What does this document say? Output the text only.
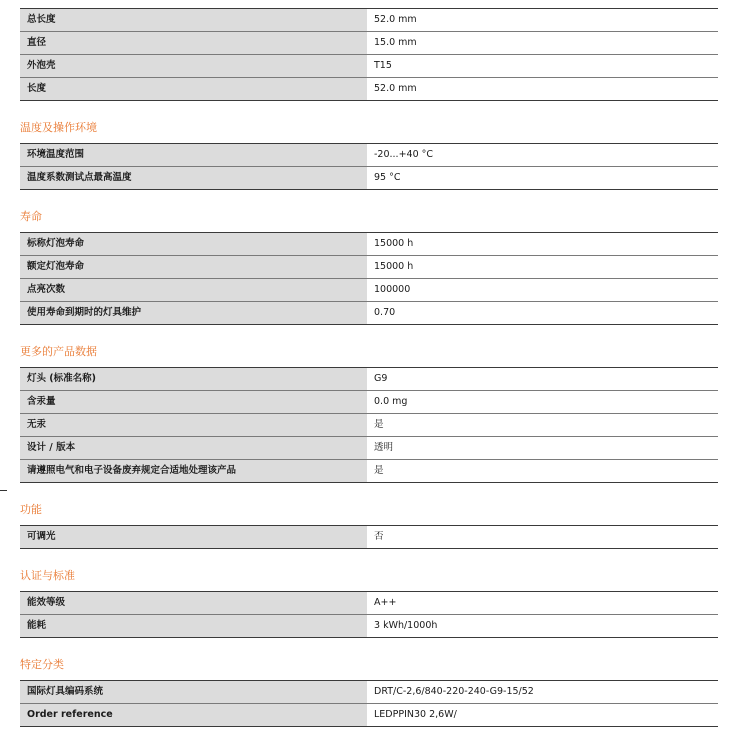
总长度	52.0 mm
直径	15.0 mm
外泡壳	T15
长度	52.0 mm
温度及操作环境
环境温度范围	-20...+40 °C
温度系数测试点最高温度	95 °C
寿命
标称灯泡寿命	15000 h
额定灯泡寿命	15000 h
点亮次数	100000
使用寿命到期时的灯具维护	0.70
更多的产品数据
灯头 (标准名称)	G9
含汞量	0.0 mg
无汞	是
设计 / 版本	透明
请遵照电气和电子设备废弃规定合适地处理该产品	是
功能
可调光	否
认证与标准
能效等级	A++
能耗	3 kWh/1000h
特定分类
国际灯具编码系统	DRT/C-2,6/840-220-240-G9-15/52
Order reference	LEDPPIN30 2,6W/
